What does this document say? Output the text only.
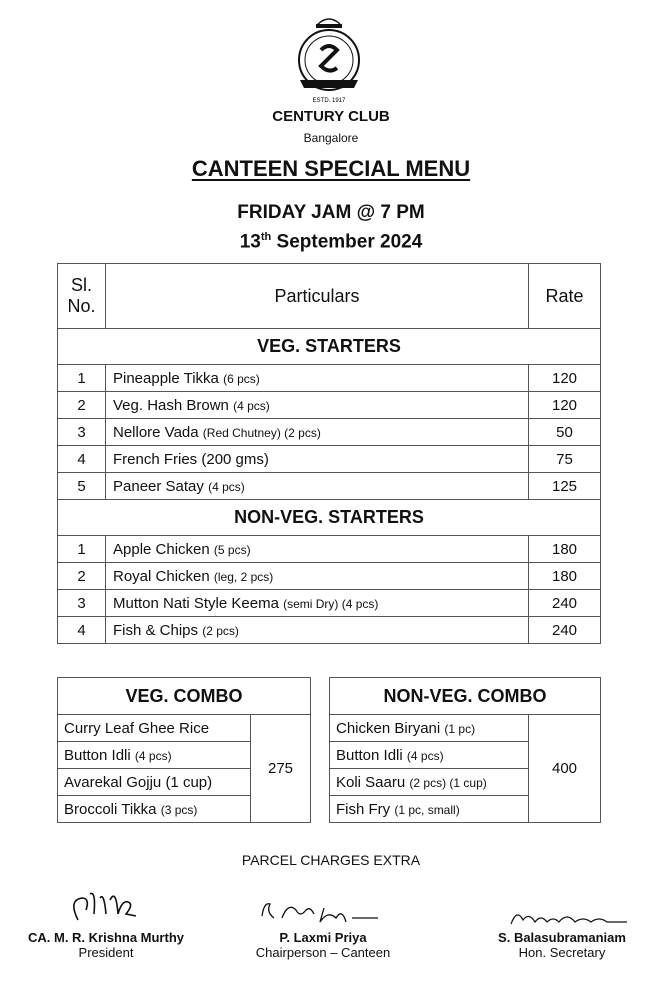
ESTD. 1917
CENTURY CLUB
Bangalore
CANTEEN SPECIAL MENU
FRIDAY JAM @ 7 PM
13th September 2024
Sl. No.	Particulars	Rate
VEG. STARTERS		
1	Pineapple Tikka (6 pcs)	120
2	Veg. Hash Brown (4 pcs)	120
3	Nellore Vada (Red Chutney) (2 pcs)	50
4	French Fries (200 gms)	75
5	Paneer Satay (4 pcs)	125
NON-VEG. STARTERS		
1	Apple Chicken (5 pcs)	180
2	Royal Chicken (leg, 2 pcs)	180
3	Mutton Nati Style Keema (semi Dry) (4 pcs)	240
4	Fish & Chips (2 pcs)	240
VEG. COMBO
Curry Leaf Ghee Rice	275
Button Idli (4 pcs)
Avarekal Gojju (1 cup)
Broccoli Tikka (3 pcs)
NON-VEG. COMBO
Chicken Biryani (1 pc)	400
Button Idli (4 pcs)
Koli Saaru (2 pcs) (1 cup)
Fish Fry (1 pc, small)
PARCEL CHARGES EXTRA
CA. M. R. Krishna Murthy
President
P. Laxmi Priya
Chairperson – Canteen
S. Balasubramaniam
Hon. Secretary
